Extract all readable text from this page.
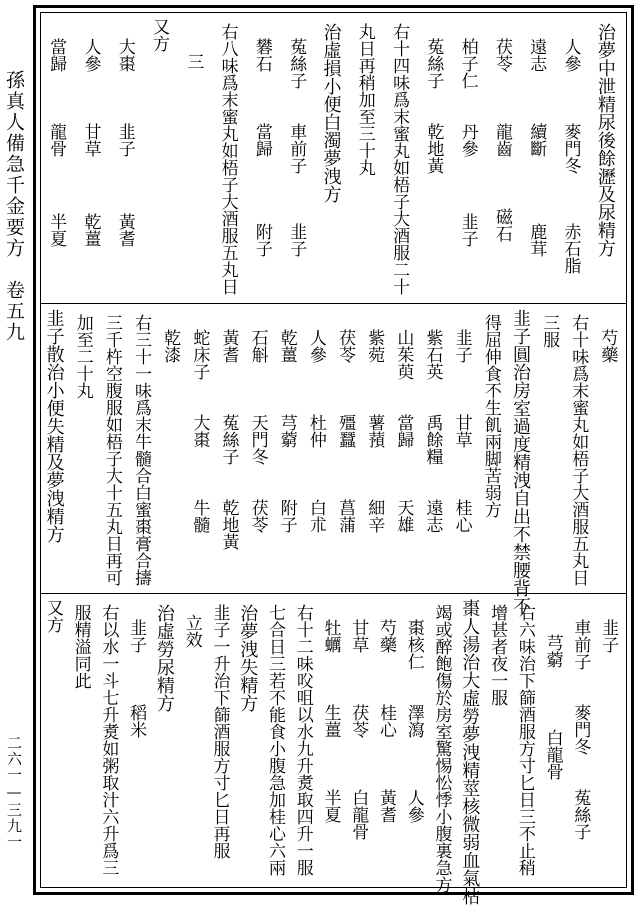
孫真人備急千金要方　卷五九
二六一—三九一
治夢中泄精尿後餘瀝及尿精方
人參
麥門冬
赤石脂
遠志
續斷
鹿茸
茯苓
龍齒
磁石
柏子仁
丹參
韭子
菟絲子
乾地黃
右十四味爲末蜜丸如梧子大酒服二十
丸日再稍加至三十丸
治虛損小便白濁夢洩方
菟絲子
車前子
韭子
礬石
當歸
附子
右八味爲末蜜丸如梧子大酒服五丸日
三
又方
大棗
韭子
黃耆
人參
甘草
乾薑
當歸
龍骨
半夏
芍藥
右十味爲末蜜丸如梧子大酒服五丸日
三服
韭子圓治房室過度精洩自出不禁腰背不
得屈伸食不生飢兩脚苦弱方
韭子
甘草
桂心
紫石英
禹餘糧
遠志
山茱萸
當歸
天雄
紫菀
薯蕷
細辛
茯苓
殭蠶
菖蒲
人參
杜仲
白朮
乾薑
芎藭
附子
石斛
天門冬
茯苓
黃耆
菟絲子
乾地黃
蛇床子
大棗
牛髓
乾漆
右三十一味爲末牛髓合白蜜棗膏合擣
三千杵空腹服如梧子大十五丸日再可
加至二十丸
韭子散治小便失精及夢洩精方
韭子
車前子
麥門冬
菟絲子
芎藭
白龍骨
右六味治下篩酒服方寸匕日三不止稍
增甚者夜一服
棗人湯治大虛勞夢洩精莖核微弱血氣枯
竭或醉飽傷於房室驚惕忪悸小腹裏急方
棗核仁
澤瀉
人參
芍藥
桂心
黃耆
甘草
茯苓
白龍骨
牡蠣
生薑
半夏
右十二味㕮咀以水九升煑取四升一服
七合日三若不能食小腹急加桂心六兩
治夢洩失精方
韭子一升治下篩酒服方寸匕日再服
立效
治虛勞尿精方
韭子
稻米
右以水一斗七升煑如粥取汁六升爲三
服精溢同此
又方
